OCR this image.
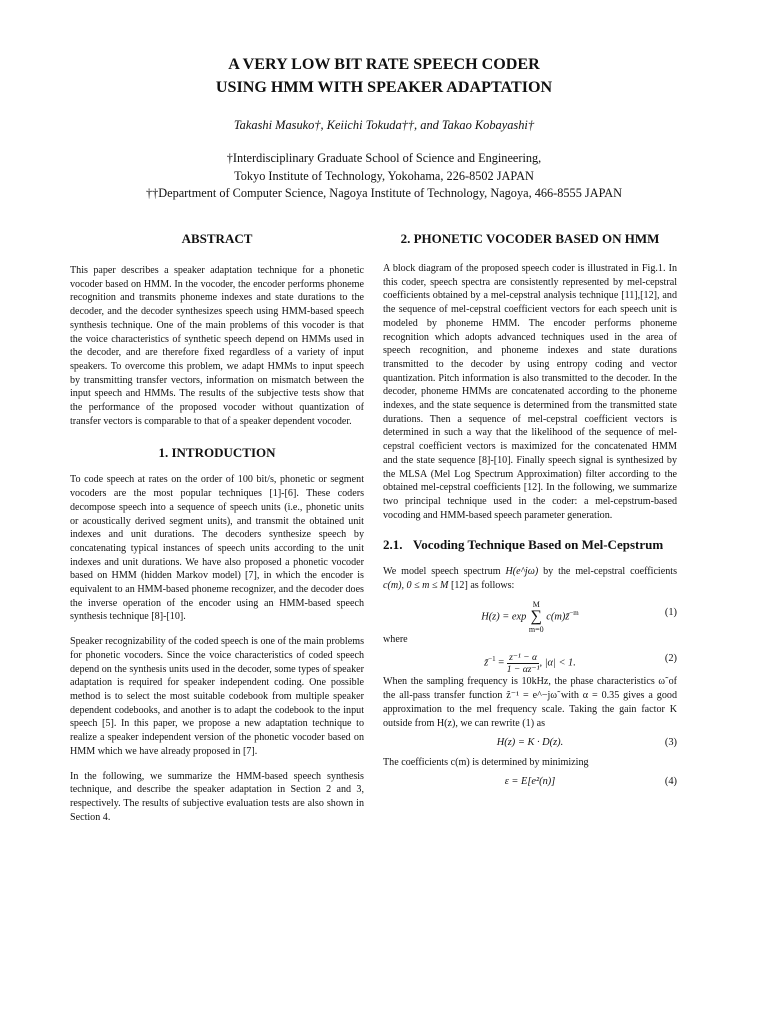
A VERY LOW BIT RATE SPEECH CODER
USING HMM WITH SPEAKER ADAPTATION
Takashi Masuko†, Keiichi Tokuda††, and Takao Kobayashi†
†Interdisciplinary Graduate School of Science and Engineering,
Tokyo Institute of Technology, Yokohama, 226-8502 JAPAN
††Department of Computer Science, Nagoya Institute of Technology, Nagoya, 466-8555 JAPAN
ABSTRACT

This paper describes a speaker adaptation technique for a phonetic vocoder based on HMM. In the vocoder, the encoder performs phoneme recognition and transmits phoneme indexes and state durations to the decoder, and the decoder synthesizes speech using HMM-based speech synthesis technique. One of the main problems of this vocoder is that the voice characteristics of synthetic speech depend on HMMs used in the decoder, and are therefore fixed regardless of a variety of input speakers. To overcome this problem, we adapt HMMs to input speech by transmitting transfer vectors, information on mismatch between the input speech and HMMs. The results of the subjective tests show that the performance of the proposed vocoder without quantization of transfer vectors is comparable to that of a speaker dependent vocoder.

1. INTRODUCTION

To code speech at rates on the order of 100 bit/s, phonetic or segment vocoders are the most popular techniques [1]-[6]. These coders decompose speech into a sequence of speech units (i.e., phonetic units or acoustically derived segment units), and transmit the obtained unit indexes and unit durations. The decoders synthesize speech by concatenating typical instances of speech units according to the unit indexes and unit durations. We have also proposed a phonetic vocoder based on HMM (hidden Markov model) [7], in which the encoder is equivalent to an HMM-based phoneme recognizer, and the decoder does the inverse operation of the encoder using an HMM-based speech synthesis technique [8]-[10].

Speaker recognizability of the coded speech is one of the main problems for phonetic vocoders. Since the voice characteristics of coded speech depend on the synthesis units used in the decoder, some types of speaker adaptation is required for speaker independent coding. One possible method is to select the most suitable codebook from multiple speaker dependent codebooks, and another is to adapt the codebook to the input speech [5]. In this paper, we propose a new adaptation technique to realize a speaker independent version of the phonetic vocoder based on HMM which we have already proposed in [7].

In the following, we summarize the HMM-based speech synthesis technique, and describe the speaker adaptation in Section 2 and 3, respectively. The results of subjective evaluation tests are also shown in Section 4.

2. PHONETIC VOCODER BASED ON HMM

A block diagram of the proposed speech coder is illustrated in Fig.1. In this coder, speech spectra are consistently represented by mel-cepstral coefficients obtained by a mel-cepstral analysis technique [11],[12], and the sequence of mel-cepstral coefficient vectors for each speech unit is modeled by phoneme HMM. The encoder performs phoneme recognition which adopts advanced techniques used in the area of speech recognition, and phoneme indexes and state durations transmitted to the decoder by using entropy coding and vector quantization. Pitch information is also transmitted to the decoder. In the decoder, phoneme HMMs are concatenated according to the phoneme indexes, and the state sequence is determined from the transmitted state durations. Then a sequence of mel-cepstral coefficient vectors is determined in such a way that the likelihood of the sequence of mel-cepstral coefficient vectors is maximized for the concatenated HMM and the state sequence [8]-[10]. Finally speech signal is synthesized by the MLSA (Mel Log Spectrum Approximation) filter according to the obtained mel-cepstral coefficients [12]. In the following, we summarize two principal technique used in the coder: a mel-cepstrum-based vocoding and HMM-based speech parameter generation.

2.1. Vocoding Technique Based on Mel-Cepstrum

We model speech spectrum H(e^jω) by the mel-cepstral coefficients c(m), 0 ≤ m ≤ M [12] as follows:

H(z) = exp M
∑
m=0 c(m)z̃$^{-m}$	(1)
where
z̃$^{-1}$ = $\frac{\text{z⁻¹ − α}}{\text{1 − αz⁻¹}}$ , |α| < 1.	(2)

When the sampling frequency is 10kHz, the phase characteristics ω̃ of the all-pass transfer function z̃⁻¹ = e^−jω̃ with α = 0.35 gives a good approximation to the mel frequency scale. Taking the gain factor K outside from H(z), we can rewrite (1) as

H(z) = K · D(z).	(3)

The coefficients c(m) is determined by minimizing

ε = E[e²(n)]	(4)
